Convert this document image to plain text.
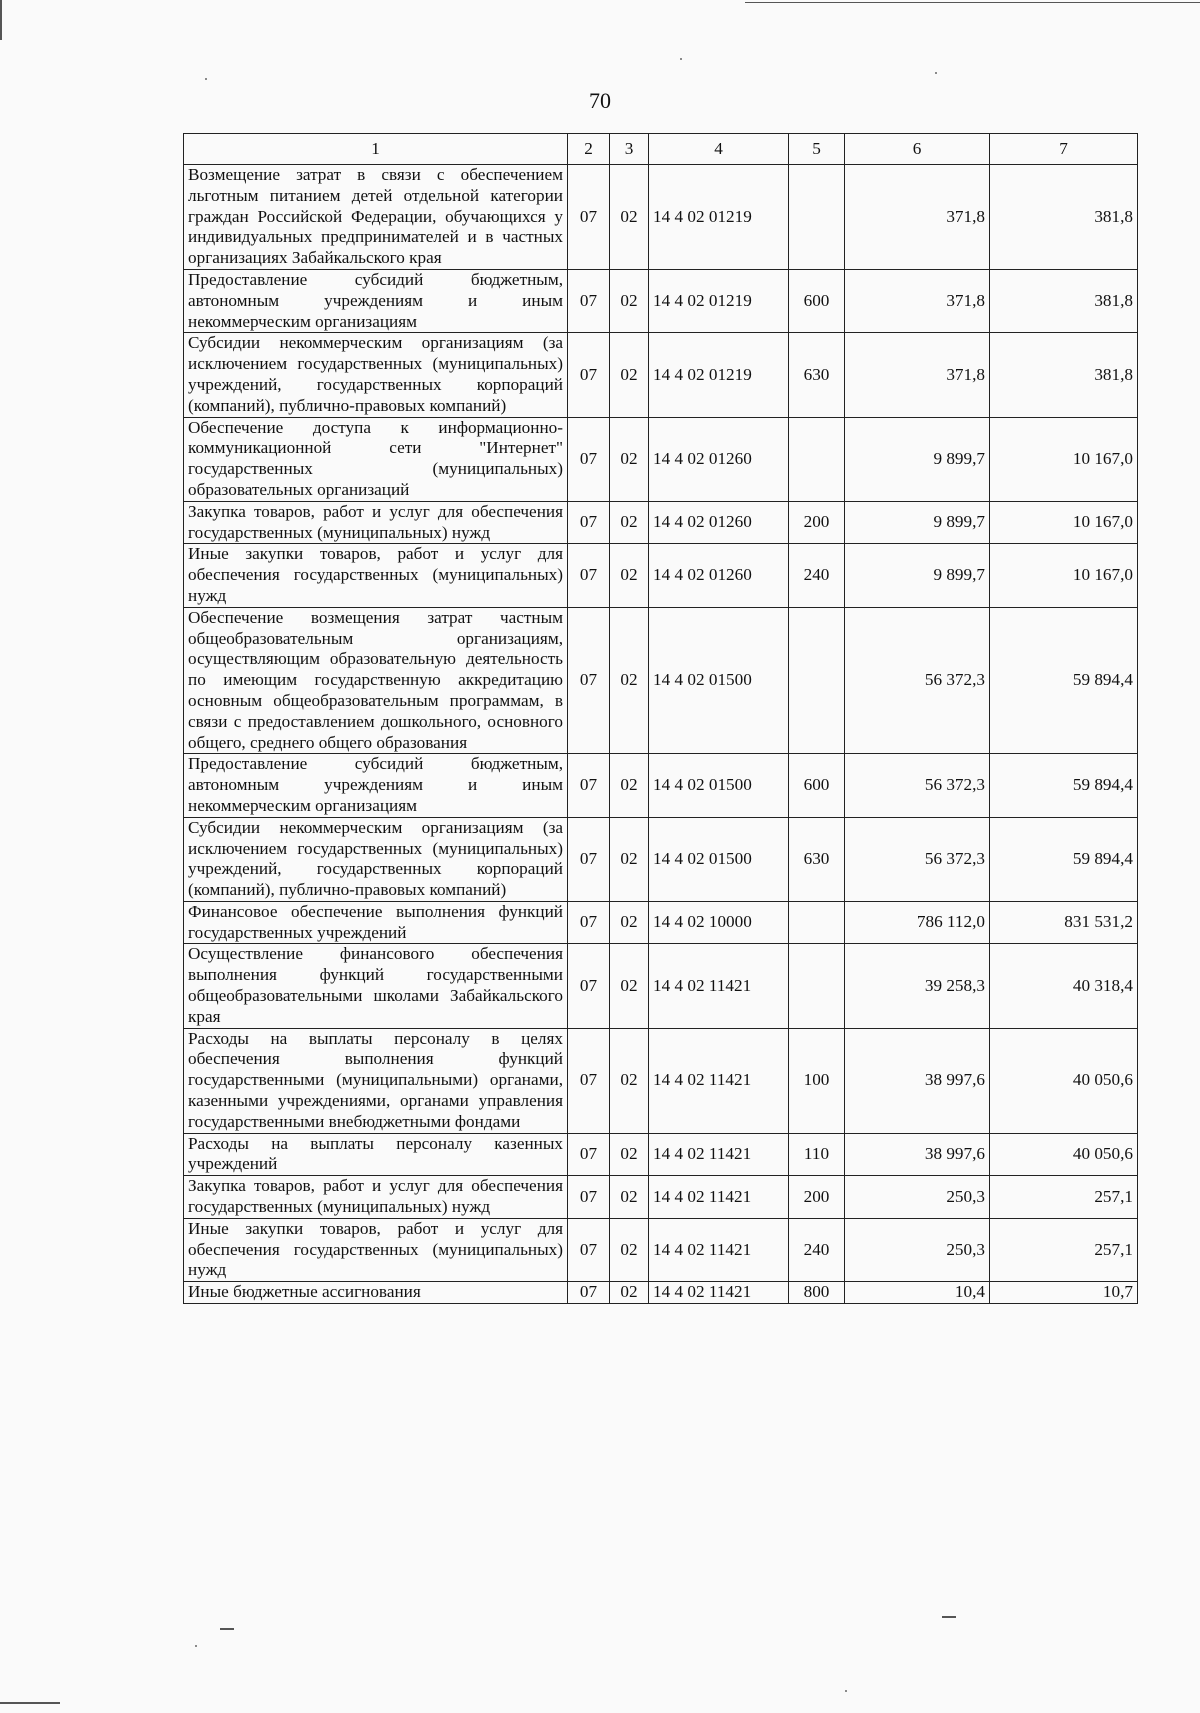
70
1	2	3	4	5	6	7
Возмещение затрат в связи с обеспечением льготным питанием детей отдельной категории граждан Российской Федерации, обучающихся у индивидуальных предпринимателей и в частных организациях Забайкальского края	07	02	14 4 02 01219		371,8	381,8
Предоставление субсидий бюджетным, автономным учреждениям и иным некоммерческим организациям	07	02	14 4 02 01219	600	371,8	381,8
Субсидии некоммерческим организациям (за исключением государственных (муниципальных) учреждений, государственных корпораций (компаний), публично-правовых компаний)	07	02	14 4 02 01219	630	371,8	381,8
Обеспечение доступа к информационно-коммуникационной сети "Интернет" государственных (муниципальных) образовательных организаций	07	02	14 4 02 01260		9 899,7	10 167,0
Закупка товаров, работ и услуг для обеспечения государственных (муниципальных) нужд	07	02	14 4 02 01260	200	9 899,7	10 167,0
Иные закупки товаров, работ и услуг для обеспечения государственных (муниципальных) нужд	07	02	14 4 02 01260	240	9 899,7	10 167,0
Обеспечение возмещения затрат частным общеобразовательным организациям, осуществляющим образовательную деятельность по имеющим государственную аккредитацию основным общеобразовательным программам, в связи с предоставлением дошкольного, основного общего, среднего общего образования	07	02	14 4 02 01500		56 372,3	59 894,4
Предоставление субсидий бюджетным, автономным учреждениям и иным некоммерческим организациям	07	02	14 4 02 01500	600	56 372,3	59 894,4
Субсидии некоммерческим организациям (за исключением государственных (муниципальных) учреждений, государственных корпораций (компаний), публично-правовых компаний)	07	02	14 4 02 01500	630	56 372,3	59 894,4
Финансовое обеспечение выполнения функций государственных учреждений	07	02	14 4 02 10000		786 112,0	831 531,2
Осуществление финансового обеспечения выполнения функций государственными общеобразовательными школами Забайкальского края	07	02	14 4 02 11421		39 258,3	40 318,4
Расходы на выплаты персоналу в целях обеспечения выполнения функций государственными (муниципальными) органами, казенными учреждениями, органами управления государственными внебюджетными фондами	07	02	14 4 02 11421	100	38 997,6	40 050,6
Расходы на выплаты персоналу казенных учреждений	07	02	14 4 02 11421	110	38 997,6	40 050,6
Закупка товаров, работ и услуг для обеспечения государственных (муниципальных) нужд	07	02	14 4 02 11421	200	250,3	257,1
Иные закупки товаров, работ и услуг для обеспечения государственных (муниципальных) нужд	07	02	14 4 02 11421	240	250,3	257,1
Иные бюджетные ассигнования	07	02	14 4 02 11421	800	10,4	10,7
